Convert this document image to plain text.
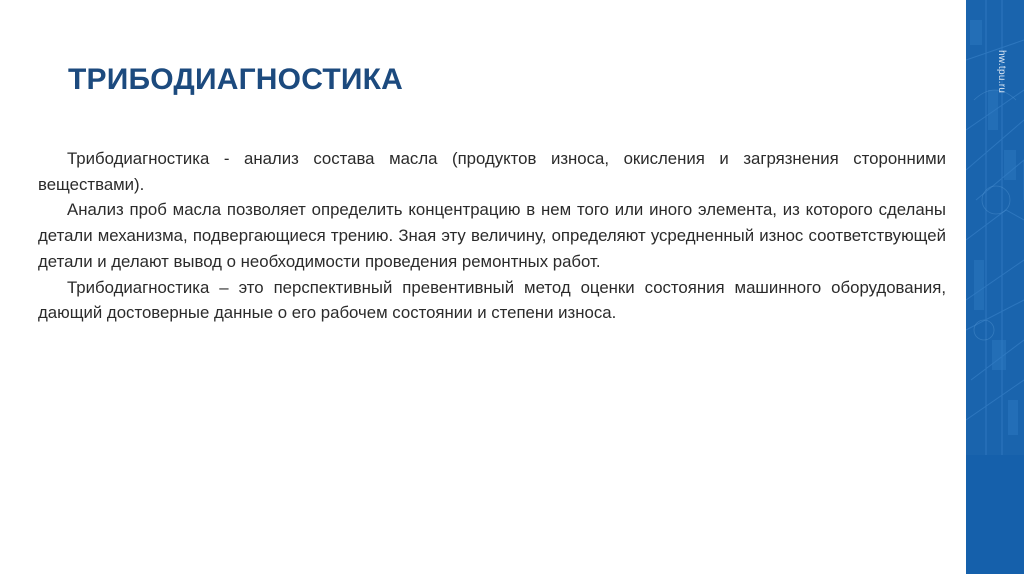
ТРИБОДИАГНОСТИКА

Трибодиагностика - анализ состава масла (продуктов износа, окисления и загрязнения сторонними веществами).

Анализ проб масла позволяет определить концентрацию в нем того или иного элемента, из которого сделаны детали механизма, подвергающиеся трению. Зная эту величину, определяют усредненный износ соответствующей детали и делают вывод о необходимости проведения ремонтных работ.

Трибодиагностика – это перспективный превентивный метод оценки состояния машинного оборудования, дающий достоверные данные о его рабочем состоянии и степени износа.

hw.tpu.ru
